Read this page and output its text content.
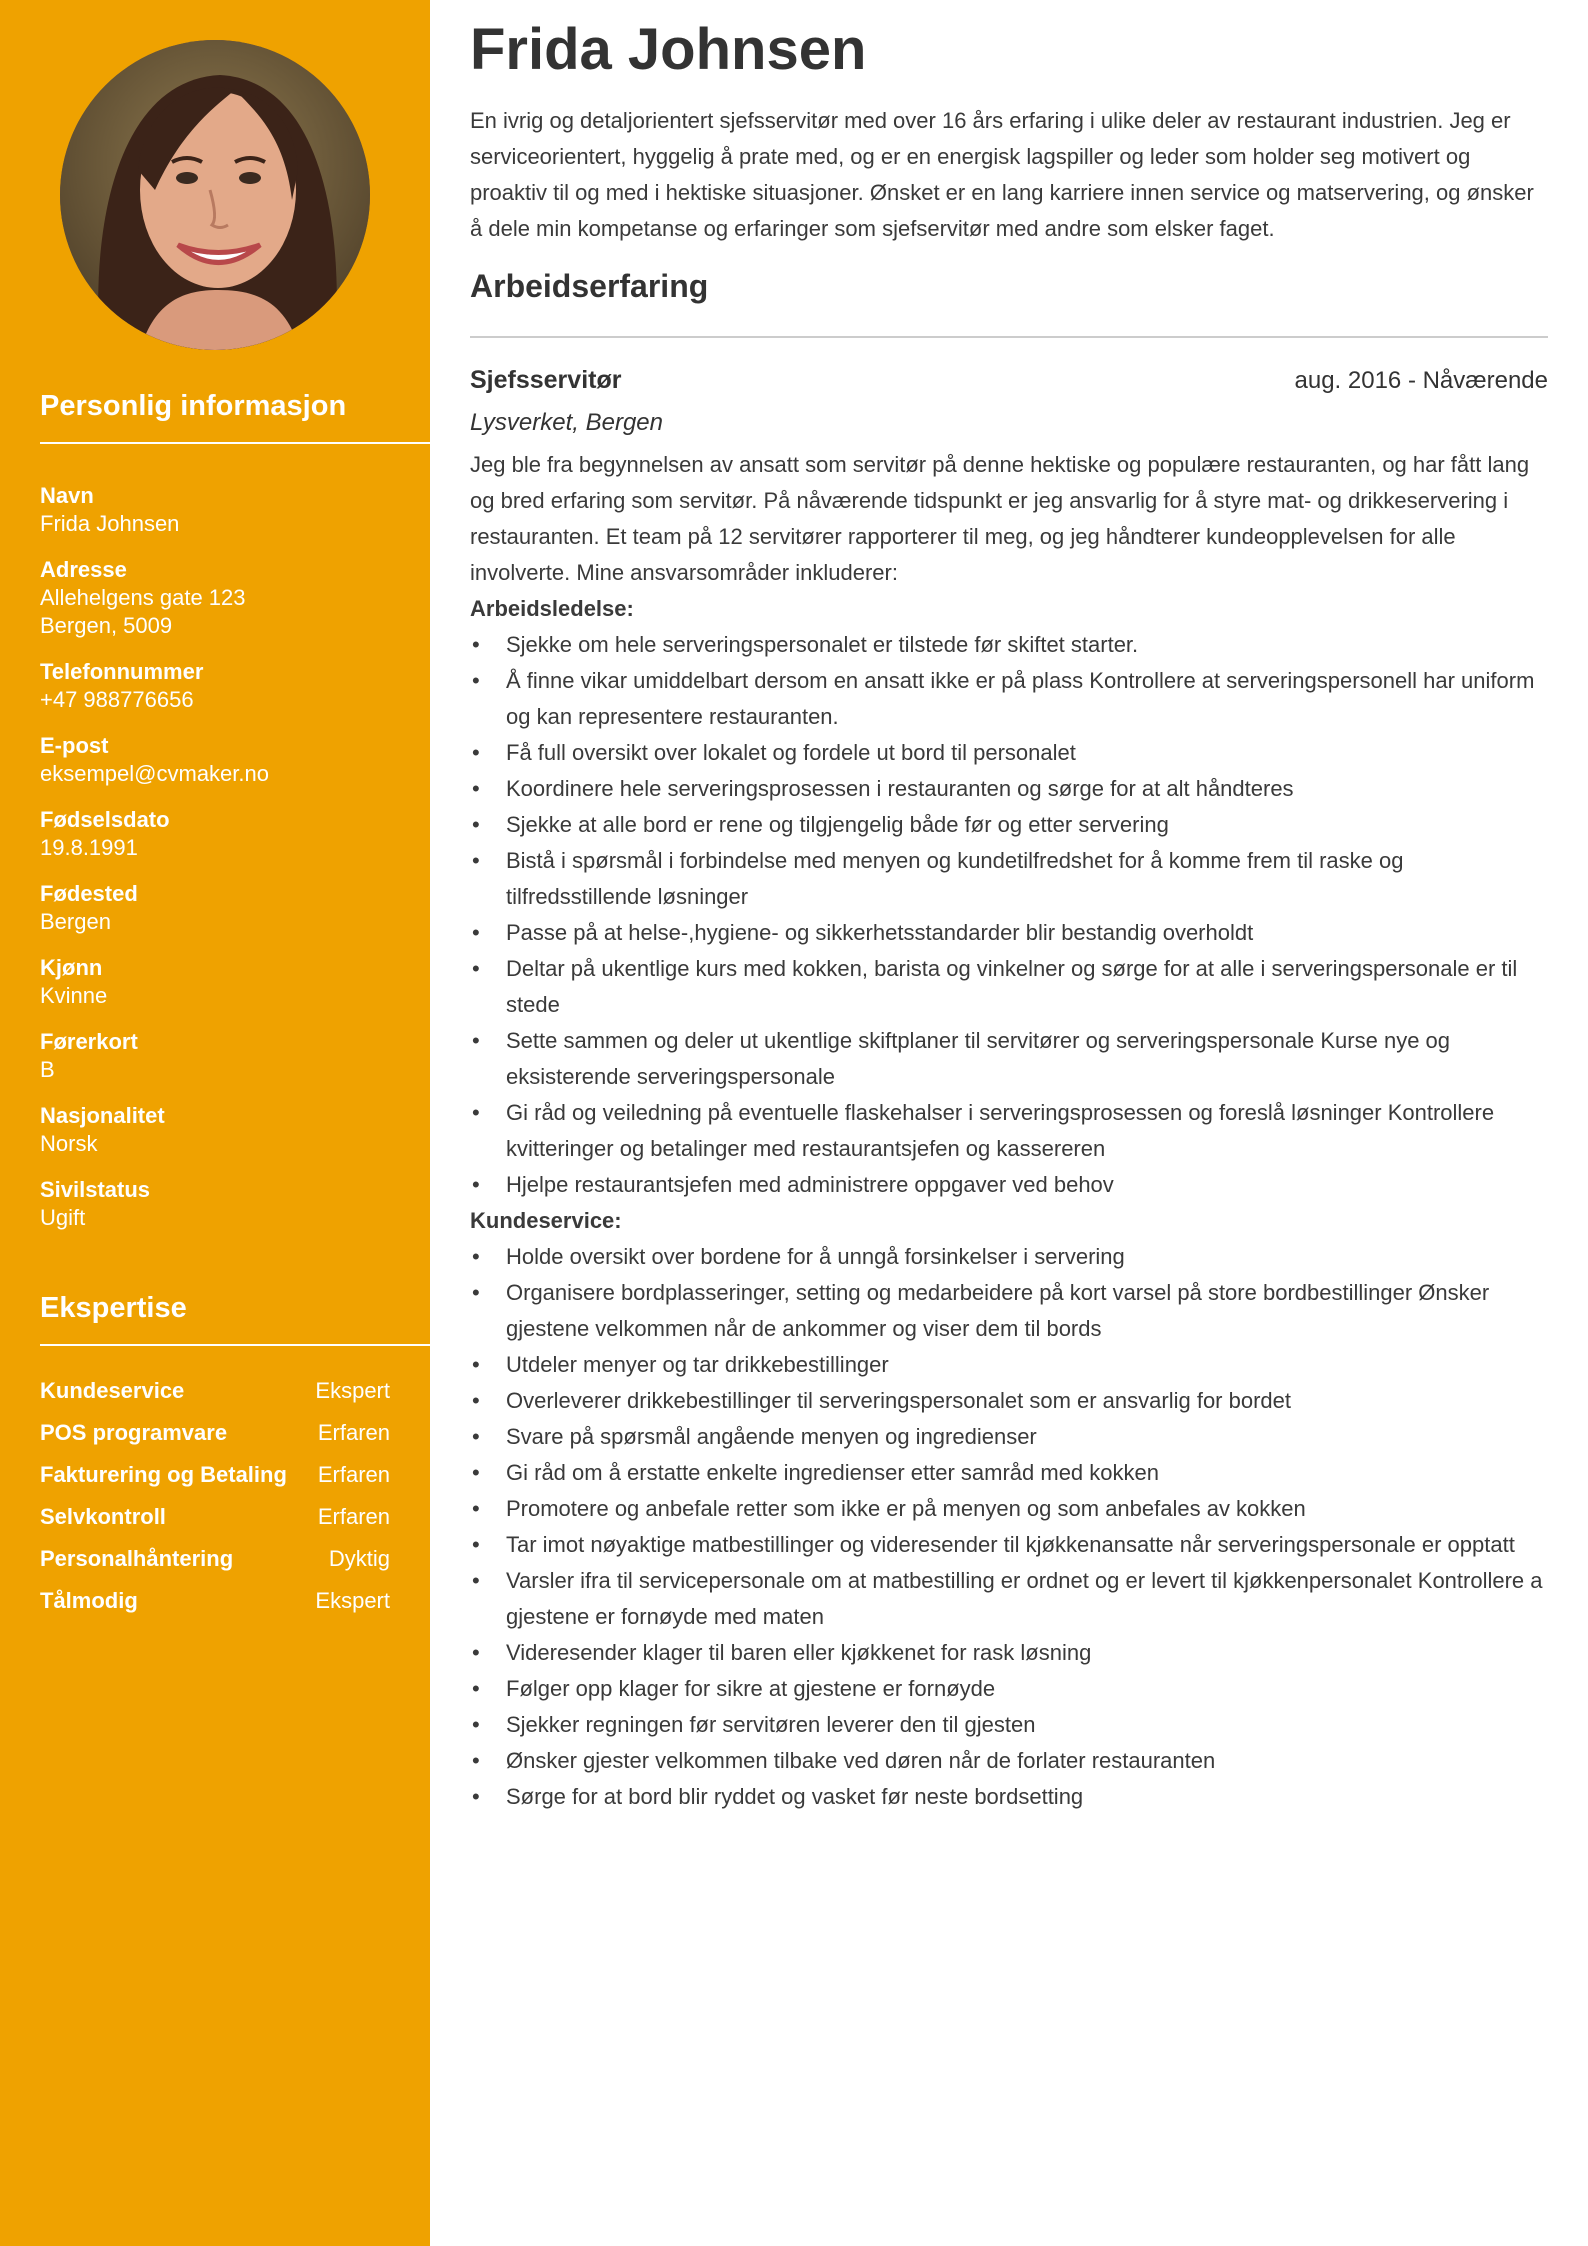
Personlig informasjon
Navn
Frida Johnsen
Adresse
Allehelgens gate 123
Bergen, 5009
Telefonnummer
+47 988776656
E-post
eksempel@cvmaker.no
Fødselsdato
19.8.1991
Fødested
Bergen
Kjønn
Kvinne
Førerkort
B
Nasjonalitet
Norsk
Sivilstatus
Ugift
Ekspertise
Kundeservice	Ekspert
POS programvare	Erfaren
Fakturering og Betaling Erfaren
Selvkontroll	Erfaren
Personalhåntering	Dyktig
Tålmodig	Ekspert
Frida Johnsen
En ivrig og detaljorientert sjefsservitør med over 16 års erfaring i ulike deler av restaurant industrien. Jeg er serviceorientert, hyggelig å prate med, og er en energisk lagspiller og leder som holder seg motivert og proaktiv til og med i hektiske situasjoner. Ønsket er en lang karriere innen service og matservering, og ønsker å dele min kompetanse og erfaringer som sjefservitør med andre som elsker faget.
Arbeidserfaring
Sjefsservitør	aug. 2016 - Nåværende
Lysverket, Bergen

Jeg ble fra begynnelsen av ansatt som servitør på denne hektiske og populære restauranten, og har fått lang og bred erfaring som servitør. På nåværende tidspunkt er jeg ansvarlig for å styre mat- og drikkeservering i restauranten. Et team på 12 servitører rapporterer til meg, og jeg håndterer kundeopplevelsen for alle involverte. Mine ansvarsområder inkluderer:

Arbeidsledelse:

• Sjekke om hele serveringspersonalet er tilstede før skiftet starter.
• Å finne vikar umiddelbart dersom en ansatt ikke er på plass Kontrollere at serveringspersonell har uniform og kan representere restauranten.
• Få full oversikt over lokalet og fordele ut bord til personalet
• Koordinere hele serveringsprosessen i restauranten og sørge for at alt håndteres
• Sjekke at alle bord er rene og tilgjengelig både før og etter servering
• Bistå i spørsmål i forbindelse med menyen og kundetilfredshet for å komme frem til raske og tilfredsstillende løsninger
• Passe på at helse-,hygiene- og sikkerhetsstandarder blir bestandig overholdt
• Deltar på ukentlige kurs med kokken, barista og vinkelner og sørge for at alle i serveringspersonale er til stede
• Sette sammen og deler ut ukentlige skiftplaner til servitører og serveringspersonale Kurse nye og eksisterende serveringspersonale
• Gi råd og veiledning på eventuelle flaskehalser i serveringsprosessen og foreslå løsninger Kontrollere kvitteringer og betalinger med restaurantsjefen og kassereren
• Hjelpe restaurantsjefen med administrere oppgaver ved behov

Kundeservice:

• Holde oversikt over bordene for å unngå forsinkelser i servering
• Organisere bordplasseringer, setting og medarbeidere på kort varsel på store bordbestillinger Ønsker gjestene velkommen når de ankommer og viser dem til bords
• Utdeler menyer og tar drikkebestillinger
• Overleverer drikkebestillinger til serveringspersonalet som er ansvarlig for bordet
• Svare på spørsmål angående menyen og ingredienser
• Gi råd om å erstatte enkelte ingredienser etter samråd med kokken
• Promotere og anbefale retter som ikke er på menyen og som anbefales av kokken
• Tar imot nøyaktige matbestillinger og videresender til kjøkkenansatte når serveringspersonale er opptatt
• Varsler ifra til servicepersonale om at matbestilling er ordnet og er levert til kjøkkenpersonalet Kontrollere a gjestene er fornøyde med maten
• Videresender klager til baren eller kjøkkenet for rask løsning
• Følger opp klager for sikre at gjestene er fornøyde
• Sjekker regningen før servitøren leverer den til gjesten
• Ønsker gjester velkommen tilbake ved døren når de forlater restauranten
• Sørge for at bord blir ryddet og vasket før neste bordsetting
